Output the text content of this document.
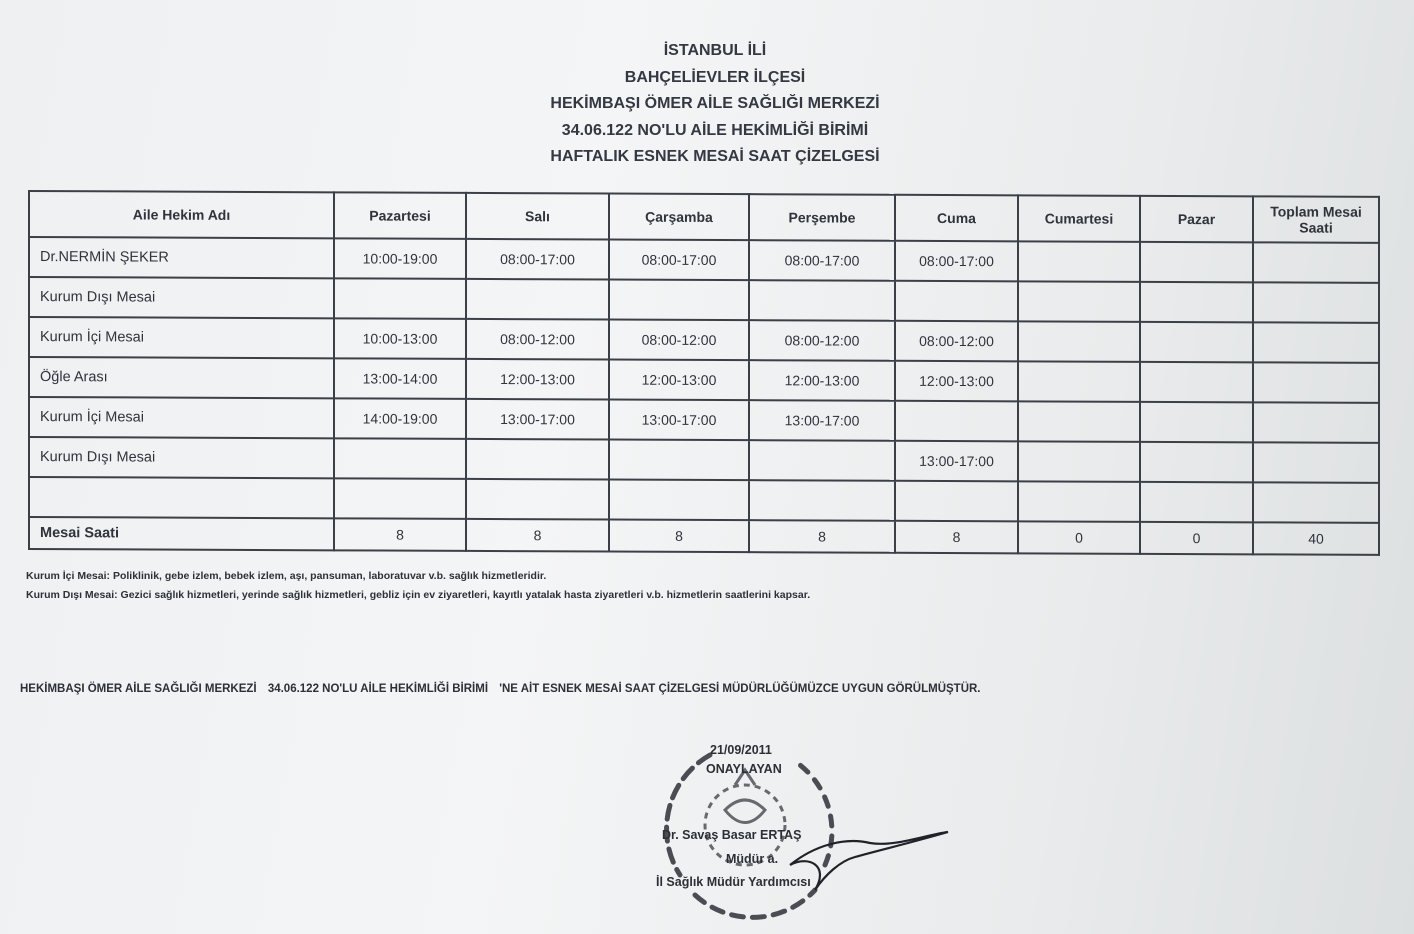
İSTANBUL İLİ
BAHÇELİEVLER İLÇESİ
HEKİMBAŞI ÖMER AİLE SAĞLIĞI MERKEZİ
34.06.122 NO'LU AİLE HEKİMLİĞİ BİRİMİ
HAFTALIK ESNEK MESAİ SAAT ÇİZELGESİ
Aile Hekim Adı	Pazartesi	Salı	Çarşamba	Perşembe	Cuma	Cumartesi	Pazar	Toplam Mesai Saati
Dr.NERMİN ŞEKER	10:00-19:00	08:00-17:00	08:00-17:00	08:00-17:00	08:00-17:00			
Kurum Dışı Mesai								
Kurum İçi Mesai	10:00-13:00	08:00-12:00	08:00-12:00	08:00-12:00	08:00-12:00			
Öğle Arası	13:00-14:00	12:00-13:00	12:00-13:00	12:00-13:00	12:00-13:00			
Kurum İçi Mesai	14:00-19:00	13:00-17:00	13:00-17:00	13:00-17:00				
Kurum Dışı Mesai					13:00-17:00			

Mesai Saati	8	8	8	8	8	0	0	40
Kurum İçi Mesai: Poliklinik, gebe izlem, bebek izlem, aşı, pansuman, laboratuvar v.b. sağlık hizmetleridir.
Kurum Dışı Mesai: Gezici sağlık hizmetleri, yerinde sağlık hizmetleri, gebliz için ev ziyaretleri, kayıtlı yatalak hasta ziyaretleri v.b. hizmetlerin saatlerini kapsar.
HEKİMBAŞI ÖMER AİLE SAĞLIĞI MERKEZİ 34.06.122 NO'LU AİLE HEKİMLİĞİ BİRİMİ 'NE AİT ESNEK MESAİ SAAT ÇİZELGESİ MÜDÜRLÜĞÜMÜZCE UYGUN GÖRÜLMÜŞTÜR.
21/09/2011
ONAYLAYAN
Dr. Savaş Basar ERTAŞ
Müdür a.
İl Sağlık Müdür Yardımcısı
